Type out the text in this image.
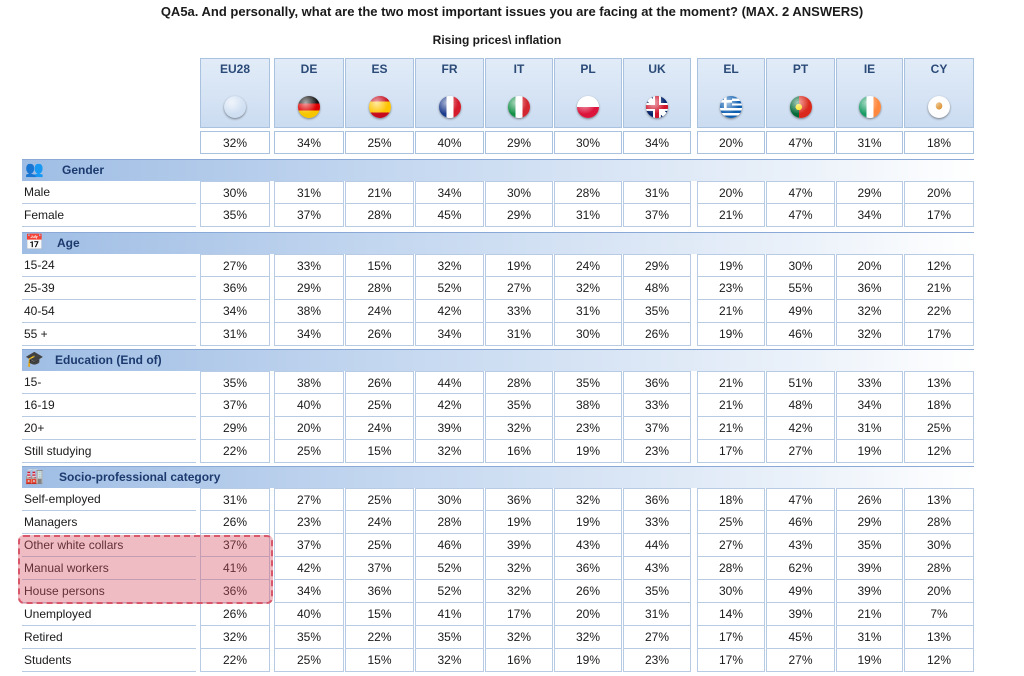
QA5a. And personally, what are the two most important issues you are facing at the moment? (MAX. 2 ANSWERS)
Rising prices\ inflation
EU28	DE	ES	FR	IT	PL	UK	EL	PT	IE	CY
32%	34%	25%	40%	29%	30%	34%	20%	47%	31%	18%
👥 Gender
Male	30%	31%	21%	34%	30%	28%	31%	20%	47%	29%	20%
Female	35%	37%	28%	45%	29%	31%	37%	21%	47%	34%	17%
📅 Age
15-24	27%	33%	15%	32%	19%	24%	29%	19%	30%	20%	12%
25-39	36%	29%	28%	52%	27%	32%	48%	23%	55%	36%	21%
40-54	34%	38%	24%	42%	33%	31%	35%	21%	49%	32%	22%
55 +	31%	34%	26%	34%	31%	30%	26%	19%	46%	32%	17%
🎓 Education (End of)
15-	35%	38%	26%	44%	28%	35%	36%	21%	51%	33%	13%
16-19	37%	40%	25%	42%	35%	38%	33%	21%	48%	34%	18%
20+	29%	20%	24%	39%	32%	23%	37%	21%	42%	31%	25%
Still studying	22%	25%	15%	32%	16%	19%	23%	17%	27%	19%	12%
🏭 Socio-professional category
Self-employed	31%	27%	25%	30%	36%	32%	36%	18%	47%	26%	13%
Managers	26%	23%	24%	28%	19%	19%	33%	25%	46%	29%	28%
Other white collars	37%	37%	25%	46%	39%	43%	44%	27%	43%	35%	30%
Manual workers	41%	42%	37%	52%	32%	36%	43%	28%	62%	39%	28%
House persons	36%	34%	36%	52%	32%	26%	35%	30%	49%	39%	20%
Unemployed	26%	40%	15%	41%	17%	20%	31%	14%	39%	21%	7%
Retired	32%	35%	22%	35%	32%	32%	27%	17%	45%	31%	13%
Students	22%	25%	15%	32%	16%	19%	23%	17%	27%	19%	12%
